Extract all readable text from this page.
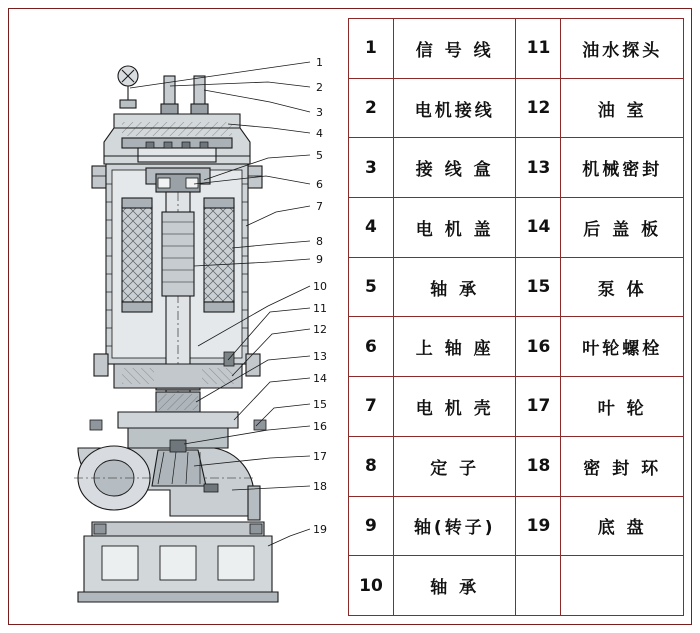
1
2
3
4
5
6
7
8
9
10
11
12
13
14
15
16
17
18
19
1	信 号 线	11	油水探头
2	电机接线	12	油 室
3	接 线 盒	13	机械密封
4	电 机 盖	14	后 盖 板
5	轴 承	15	泵 体
6	上 轴 座	16	叶轮螺栓
7	电 机 壳	17	叶 轮
8	定 子	18	密 封 环
9	轴(转子)	19	底 盘
10	轴 承		
